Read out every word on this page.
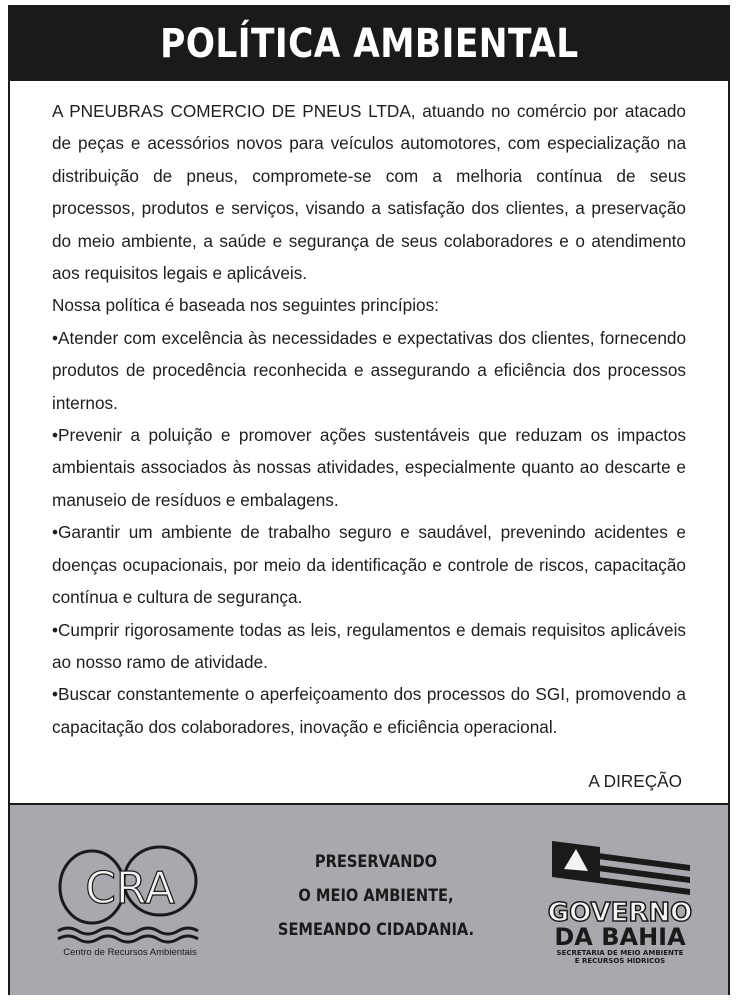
POLÍTICA AMBIENTAL

A PNEUBRAS COMERCIO DE PNEUS LTDA, atuando no comércio por atacado de peças e acessórios novos para veículos automotores, com especialização na distribuição de pneus, compromete-se com a melhoria contínua de seus processos, produtos e serviços, visando a satisfação dos clientes, a preservação do meio ambiente, a saúde e segurança de seus colaboradores e o atendimento aos requisitos legais e aplicáveis.

Nossa política é baseada nos seguintes princípios:

•Atender com excelência às necessidades e expectativas dos clientes, fornecendo produtos de procedência reconhecida e assegurando a eficiência dos processos internos.

•Prevenir a poluição e promover ações sustentáveis que reduzam os impactos ambientais associados às nossas atividades, especialmente quanto ao descarte e manuseio de resíduos e embalagens.

•Garantir um ambiente de trabalho seguro e saudável, prevenindo acidentes e doenças ocupacionais, por meio da identificação e controle de riscos, capacitação contínua e cultura de segurança.

•Cumprir rigorosamente todas as leis, regulamentos e demais requisitos aplicáveis ao nosso ramo de atividade.

•Buscar constantemente o aperfeiçoamento dos processos do SGI, promovendo a capacitação dos colaboradores, inovação e eficiência operacional.

A DIREÇÃO
CRA
Centro de Recursos Ambientais
PRESERVANDO
O MEIO AMBIENTE,
SEMEANDO CIDADANIA.
GOVERNO
DA BAHIA
SECRETARIA DE MEIO AMBIENTE
E RECURSOS HÍDRICOS
